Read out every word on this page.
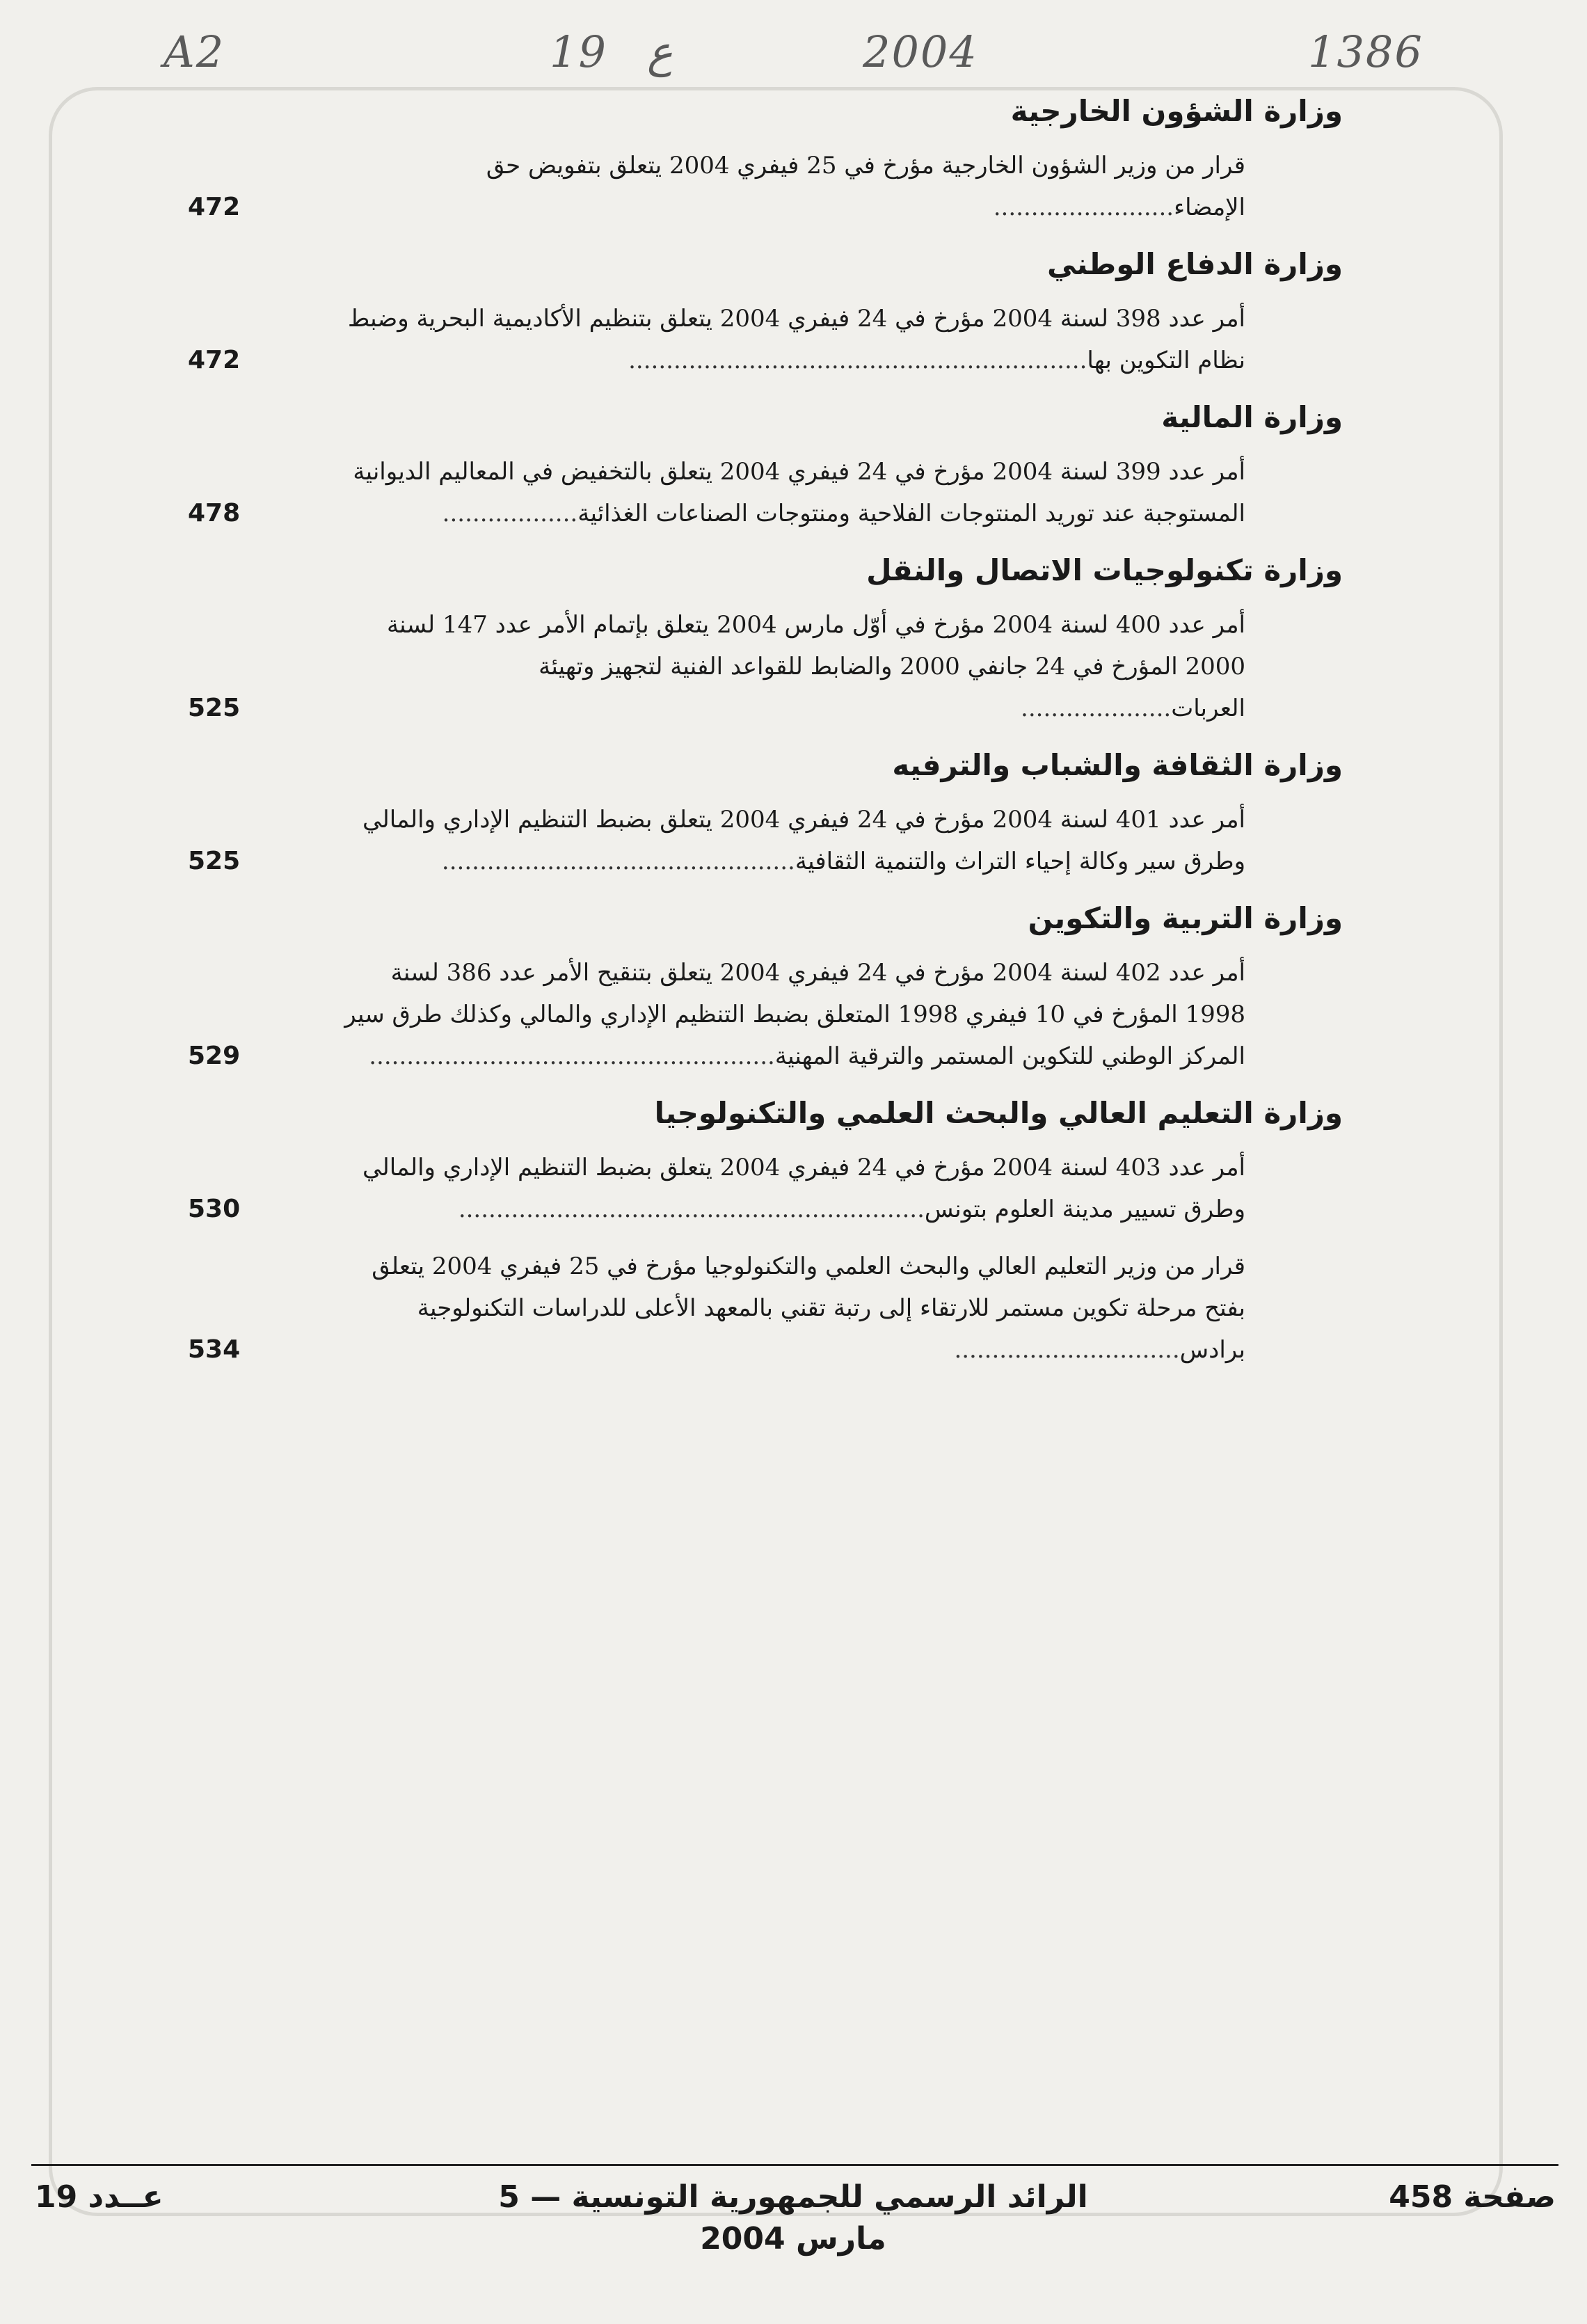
A2	19 ع	2004	1386
وزارة الشؤون الخارجية
قرار من وزير الشؤون الخارجية مؤرخ في 25 فيفري 2004 يتعلق بتفويض حق الإمضاء........................
472
وزارة الدفاع الوطني
أمر عدد 398 لسنة 2004 مؤرخ في 24 فيفري 2004 يتعلق بتنظيم الأكاديمية البحرية وضبط نظام التكوين بها.............................................................
472
وزارة المالية
أمر عدد 399 لسنة 2004 مؤرخ في 24 فيفري 2004 يتعلق بالتخفيض في المعاليم الديوانية المستوجبة عند توريد المنتوجات الفلاحية ومنتوجات الصناعات الغذائية..................
478
وزارة تكنولوجيات الاتصال والنقل
أمر عدد 400 لسنة 2004 مؤرخ في أوّل مارس 2004 يتعلق بإتمام الأمر عدد 147 لسنة 2000 المؤرخ في 24 جانفي 2000 والضابط للقواعد الفنية لتجهيز وتهيئة العربات....................
525
وزارة الثقافة والشباب والترفيه
أمر عدد 401 لسنة 2004 مؤرخ في 24 فيفري 2004 يتعلق بضبط التنظيم الإداري والمالي وطرق سير وكالة إحياء التراث والتنمية الثقافية...............................................
525
وزارة التربية والتكوين
أمر عدد 402 لسنة 2004 مؤرخ في 24 فيفري 2004 يتعلق بتنقيح الأمر عدد 386 لسنة 1998 المؤرخ في 10 فيفري 1998 المتعلق بضبط التنظيم الإداري والمالي وكذلك طرق سير المركز الوطني للتكوين المستمر والترقية المهنية......................................................
529
وزارة التعليم العالي والبحث العلمي والتكنولوجيا
أمر عدد 403 لسنة 2004 مؤرخ في 24 فيفري 2004 يتعلق بضبط التنظيم الإداري والمالي وطرق تسيير مدينة العلوم بتونس..............................................................
530
قرار من وزير التعليم العالي والبحث العلمي والتكنولوجيا مؤرخ في 25 فيفري 2004 يتعلق بفتح مرحلة تكوين مستمر للارتقاء إلى رتبة تقني بالمعهد الأعلى للدراسات التكنولوجية برادس..............................
534
عــدد 19	الرائد الرسمي للجمهورية التونسية — 5 مارس 2004
صفحة 458
